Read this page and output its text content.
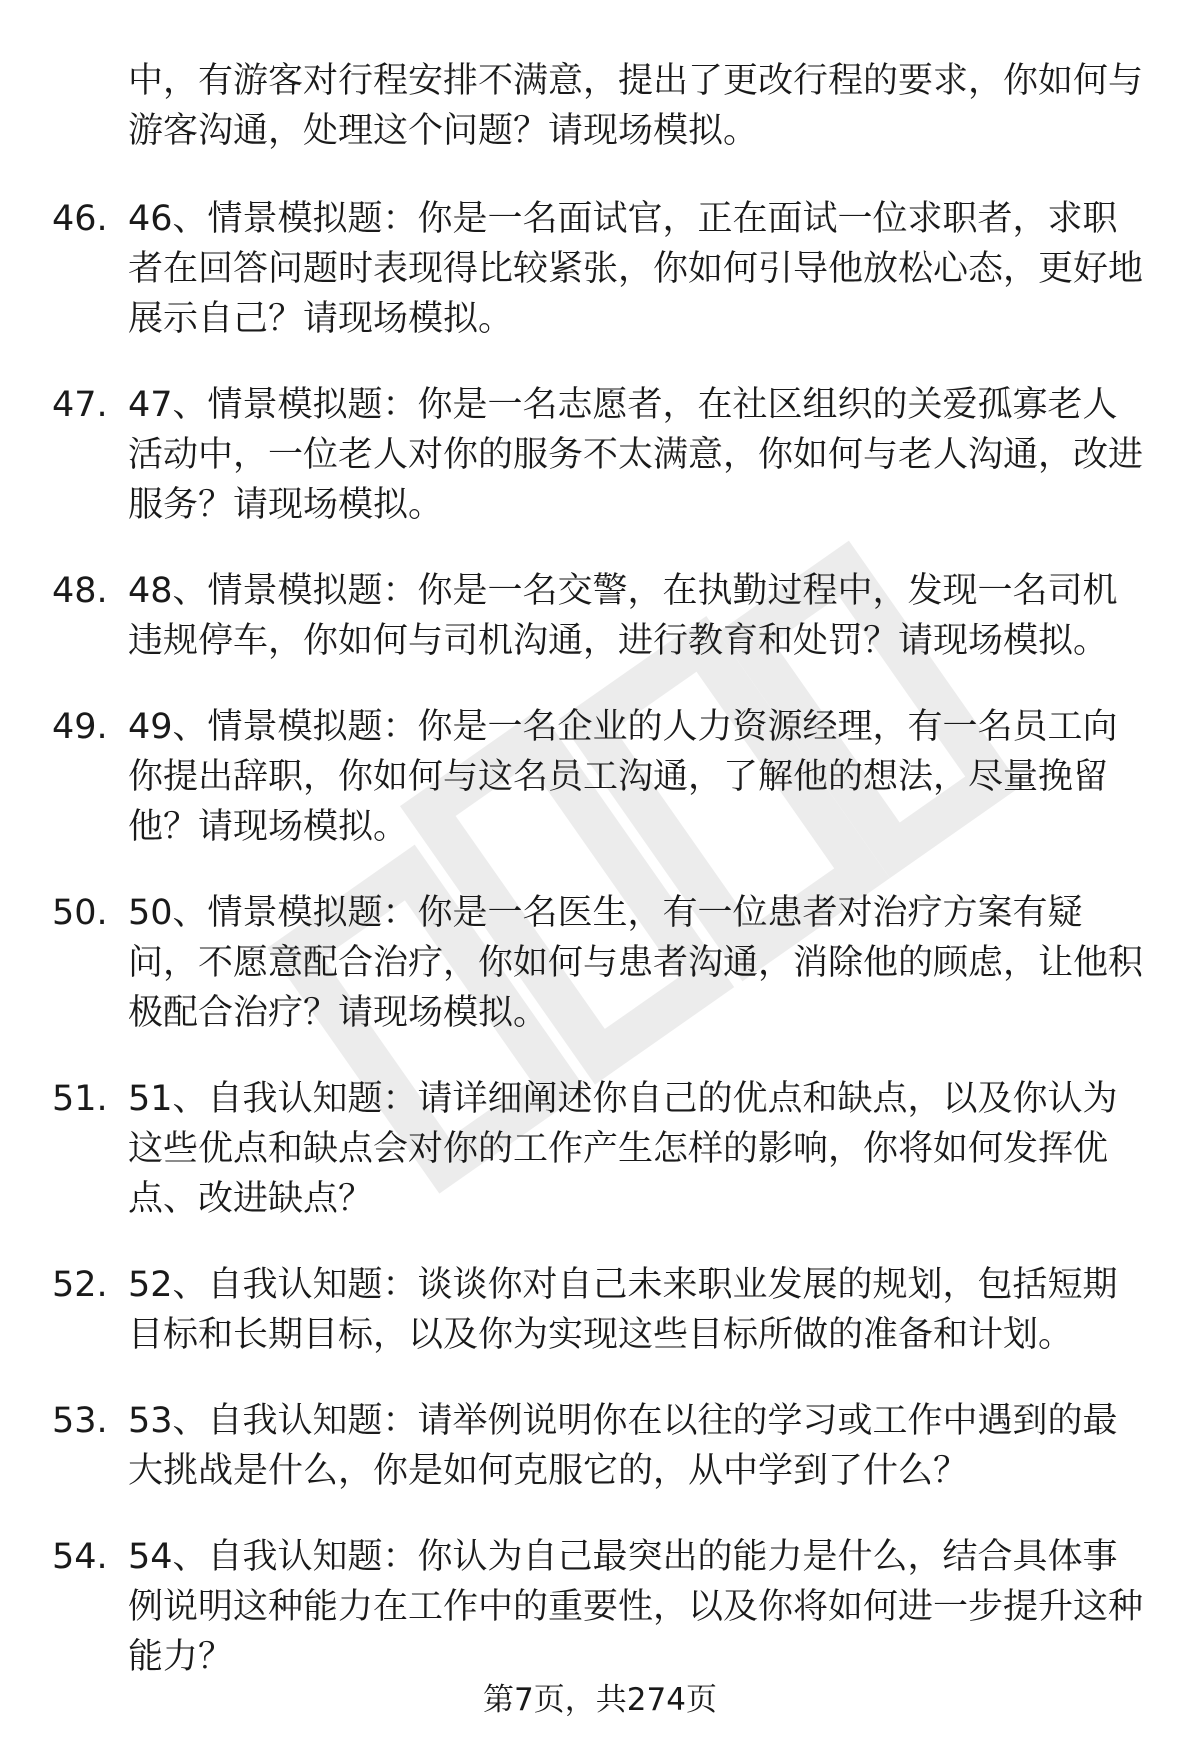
中，有游客对行程安排不满意，提出了更改行程的要求，你如何与游客沟通，处理这个问题？请现场模拟。
46. 46、情景模拟题：你是一名面试官，正在面试一位求职者，求职者在回答问题时表现得比较紧张，你如何引导他放松心态，更好地展示自己？请现场模拟。
47. 47、情景模拟题：你是一名志愿者，在社区组织的关爱孤寡老人活动中，一位老人对你的服务不太满意，你如何与老人沟通，改进服务？请现场模拟。
48. 48、情景模拟题：你是一名交警，在执勤过程中，发现一名司机违规停车，你如何与司机沟通，进行教育和处罚？请现场模拟。
49. 49、情景模拟题：你是一名企业的人力资源经理，有一名员工向你提出辞职，你如何与这名员工沟通，了解他的想法，尽量挽留他？请现场模拟。
50. 50、情景模拟题：你是一名医生，有一位患者对治疗方案有疑问，不愿意配合治疗，你如何与患者沟通，消除他的顾虑，让他积极配合治疗？请现场模拟。
51. 51、自我认知题：请详细阐述你自己的优点和缺点，以及你认为这些优点和缺点会对你的工作产生怎样的影响，你将如何发挥优点、改进缺点？
52. 52、自我认知题：谈谈你对自己未来职业发展的规划，包括短期目标和长期目标，以及你为实现这些目标所做的准备和计划。
53. 53、自我认知题：请举例说明你在以往的学习或工作中遇到的最大挑战是什么，你是如何克服它的，从中学到了什么？
54. 54、自我认知题：你认为自己最突出的能力是什么，结合具体事例说明这种能力在工作中的重要性，以及你将如何进一步提升这种能力？
第7页，共274页
